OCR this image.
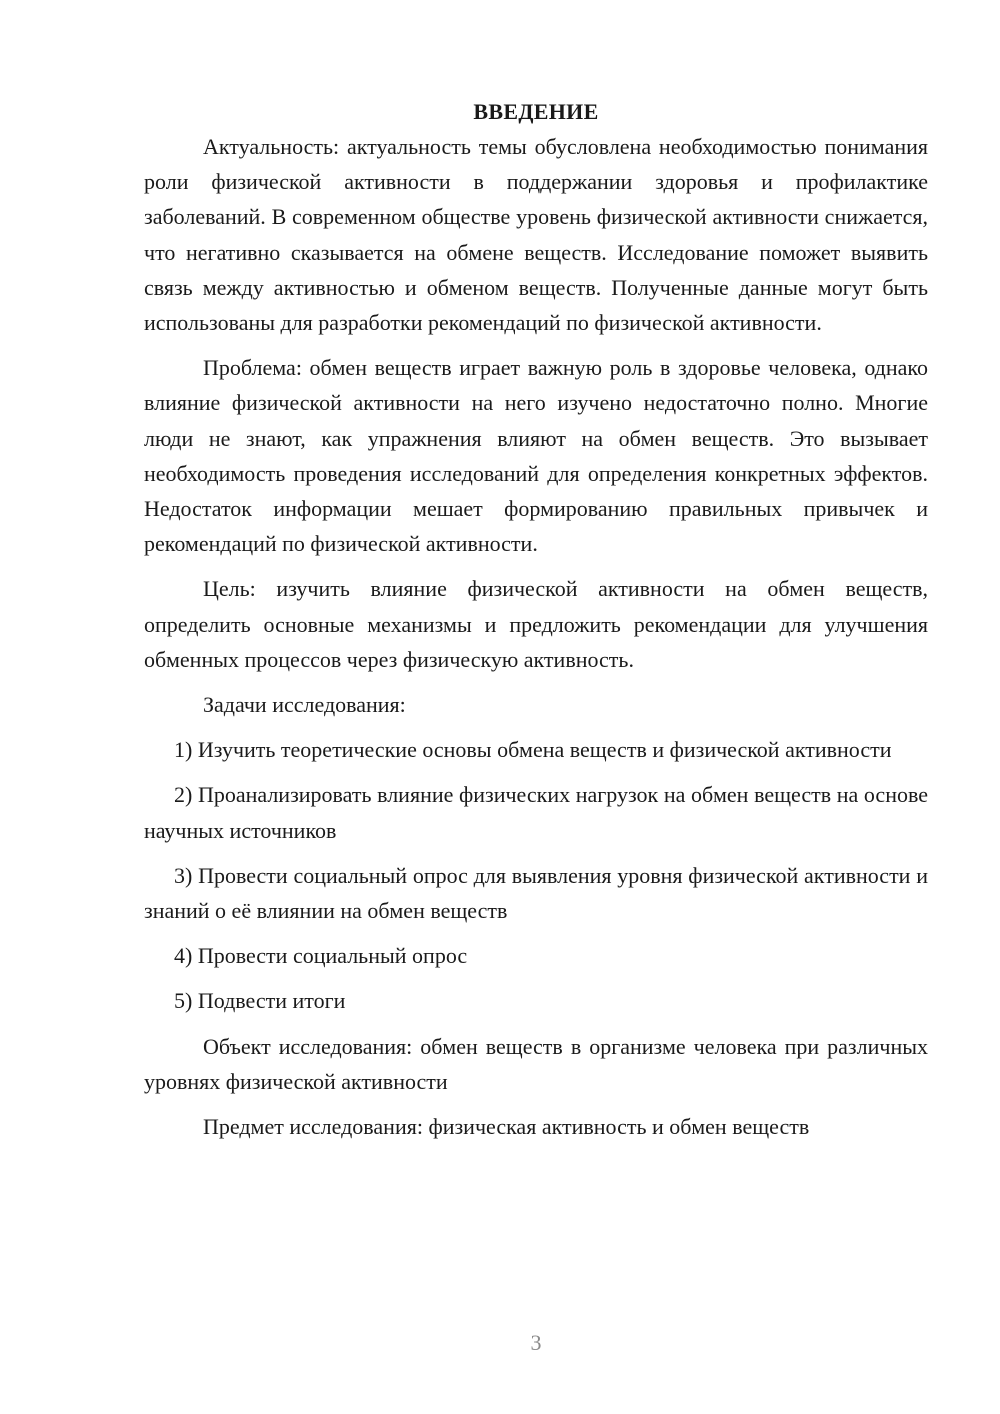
ВВЕДЕНИЕ

Актуальность: актуальность темы обусловлена необходимостью понимания роли физической активности в поддержании здоровья и профилактике заболеваний. В современном обществе уровень физической активности снижается, что негативно сказывается на обмене веществ. Исследование поможет выявить связь между активностью и обменом веществ. Полученные данные могут быть использованы для разработки рекомендаций по физической активности.

Проблема: обмен веществ играет важную роль в здоровье человека, однако влияние физической активности на него изучено недостаточно полно. Многие люди не знают, как упражнения влияют на обмен веществ. Это вызывает необходимость проведения исследований для определения конкретных эффектов. Недостаток информации мешает формированию правильных привычек и рекомендаций по физической активности.

Цель: изучить влияние физической активности на обмен веществ, определить основные механизмы и предложить рекомендации для улучшения обменных процессов через физическую активность.

Задачи исследования:

1) Изучить теоретические основы обмена веществ и физической активности

2) Проанализировать влияние физических нагрузок на обмен веществ на основе научных источников

3) Провести социальный опрос для выявления уровня физической активности и знаний о её влиянии на обмен веществ

4) Провести социальный опрос

5) Подвести итоги

Объект исследования: обмен веществ в организме человека при различных уровнях физической активности

Предмет исследования: физическая активность и обмен веществ

3
